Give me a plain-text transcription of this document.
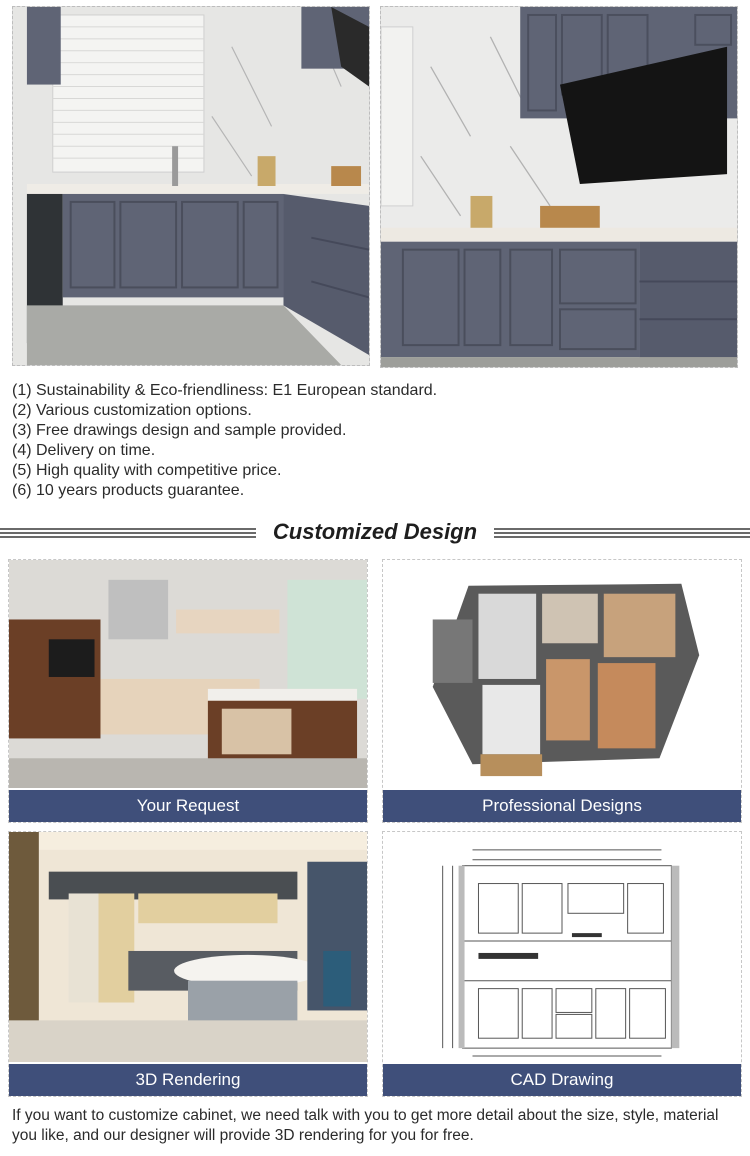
(1) Sustainability & Eco-friendliness: E1 European standard.
(2) Various customization options.
(3) Free drawings design and sample provided.
(4) Delivery on time.
(5) High quality with competitive price.
(6) 10 years products guarantee.
Customized Design
Your Request	Professional Designs
3D Rendering	CAD Drawing

If you want to customize cabinet, we need talk with you to get more detail about the size, style, material you like, and our designer will provide 3D rendering for you for free.
